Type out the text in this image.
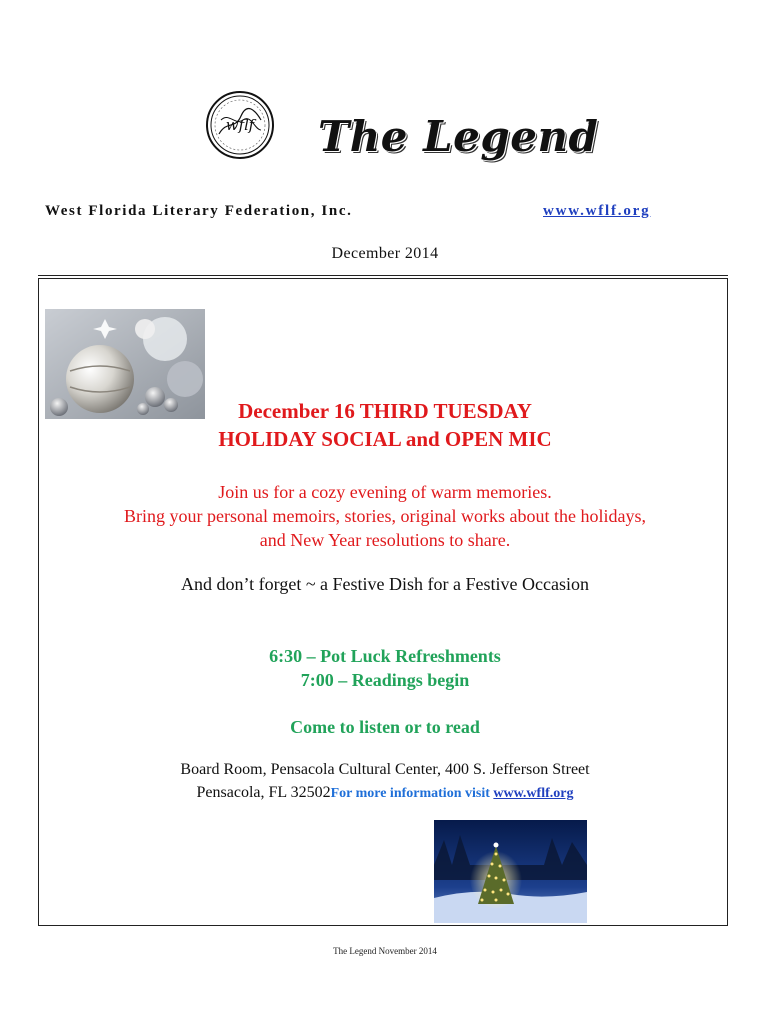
wflf The Legend
West Florida Literary Federation, Inc.	www.wflf.org
December 2014
December 16 THIRD TUESDAY
HOLIDAY SOCIAL and OPEN MIC
Join us for a cozy evening of warm memories.
Bring your personal memoirs, stories, original works about the holidays,
and New Year resolutions to share.
And don’t forget ~ a Festive Dish for a Festive Occasion
6:30 – Pot Luck Refreshments
7:00 – Readings begin
Come to listen or to read
Board Room, Pensacola Cultural Center, 400 S. Jefferson Street
Pensacola, FL 32502For more information visit www.wflf.org
The Legend November 2014
